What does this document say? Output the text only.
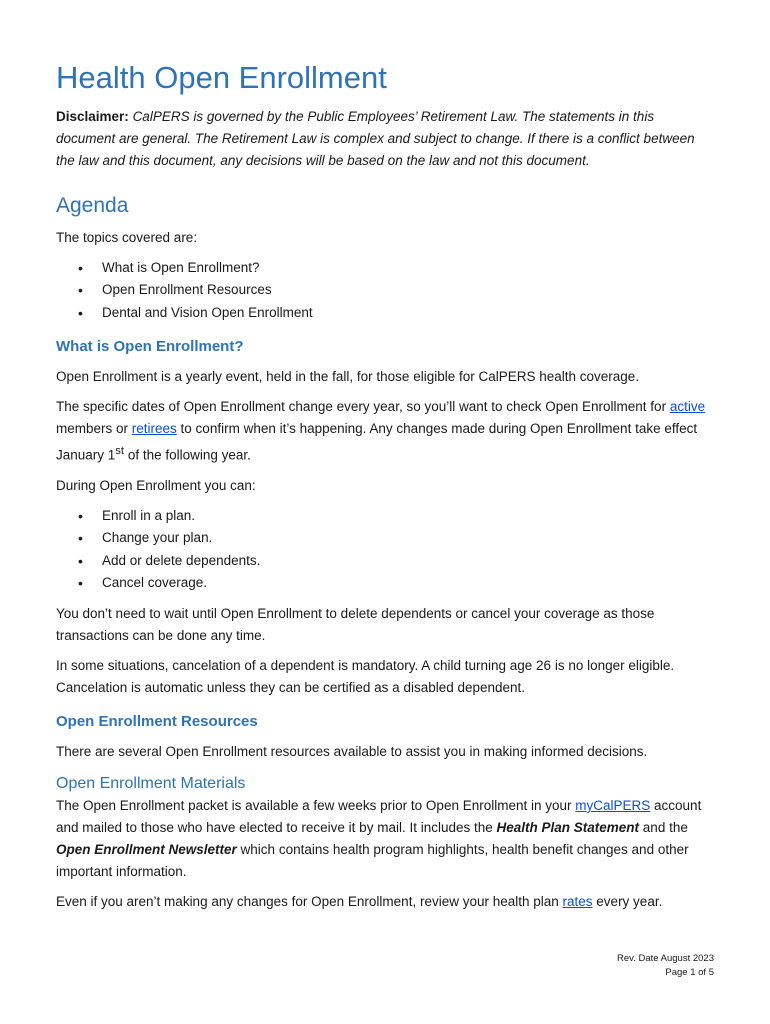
Health Open Enrollment

Disclaimer: CalPERS is governed by the Public Employees’ Retirement Law. The statements in this document are general. The Retirement Law is complex and subject to change. If there is a conflict between the law and this document, any decisions will be based on the law and not this document.

Agenda

The topics covered are:

• What is Open Enrollment?
• Open Enrollment Resources
• Dental and Vision Open Enrollment
What is Open Enrollment?

Open Enrollment is a yearly event, held in the fall, for those eligible for CalPERS health coverage.

The specific dates of Open Enrollment change every year, so you’ll want to check Open Enrollment for active members or retirees to confirm when it’s happening. Any changes made during Open Enrollment take effect January 1st of the following year.

During Open Enrollment you can:

• Enroll in a plan.
• Change your plan.
• Add or delete dependents.
• Cancel coverage.

You don’t need to wait until Open Enrollment to delete dependents or cancel your coverage as those transactions can be done any time.

In some situations, cancelation of a dependent is mandatory. A child turning age 26 is no longer eligible. Cancelation is automatic unless they can be certified as a disabled dependent.

Open Enrollment Resources

There are several Open Enrollment resources available to assist you in making informed decisions.

Open Enrollment Materials

The Open Enrollment packet is available a few weeks prior to Open Enrollment in your myCalPERS account and mailed to those who have elected to receive it by mail. It includes the Health Plan Statement and the Open Enrollment Newsletter which contains health program highlights, health benefit changes and other important information.

Even if you aren’t making any changes for Open Enrollment, review your health plan rates every year.

Rev. Date August 2023
Page 1 of 5
